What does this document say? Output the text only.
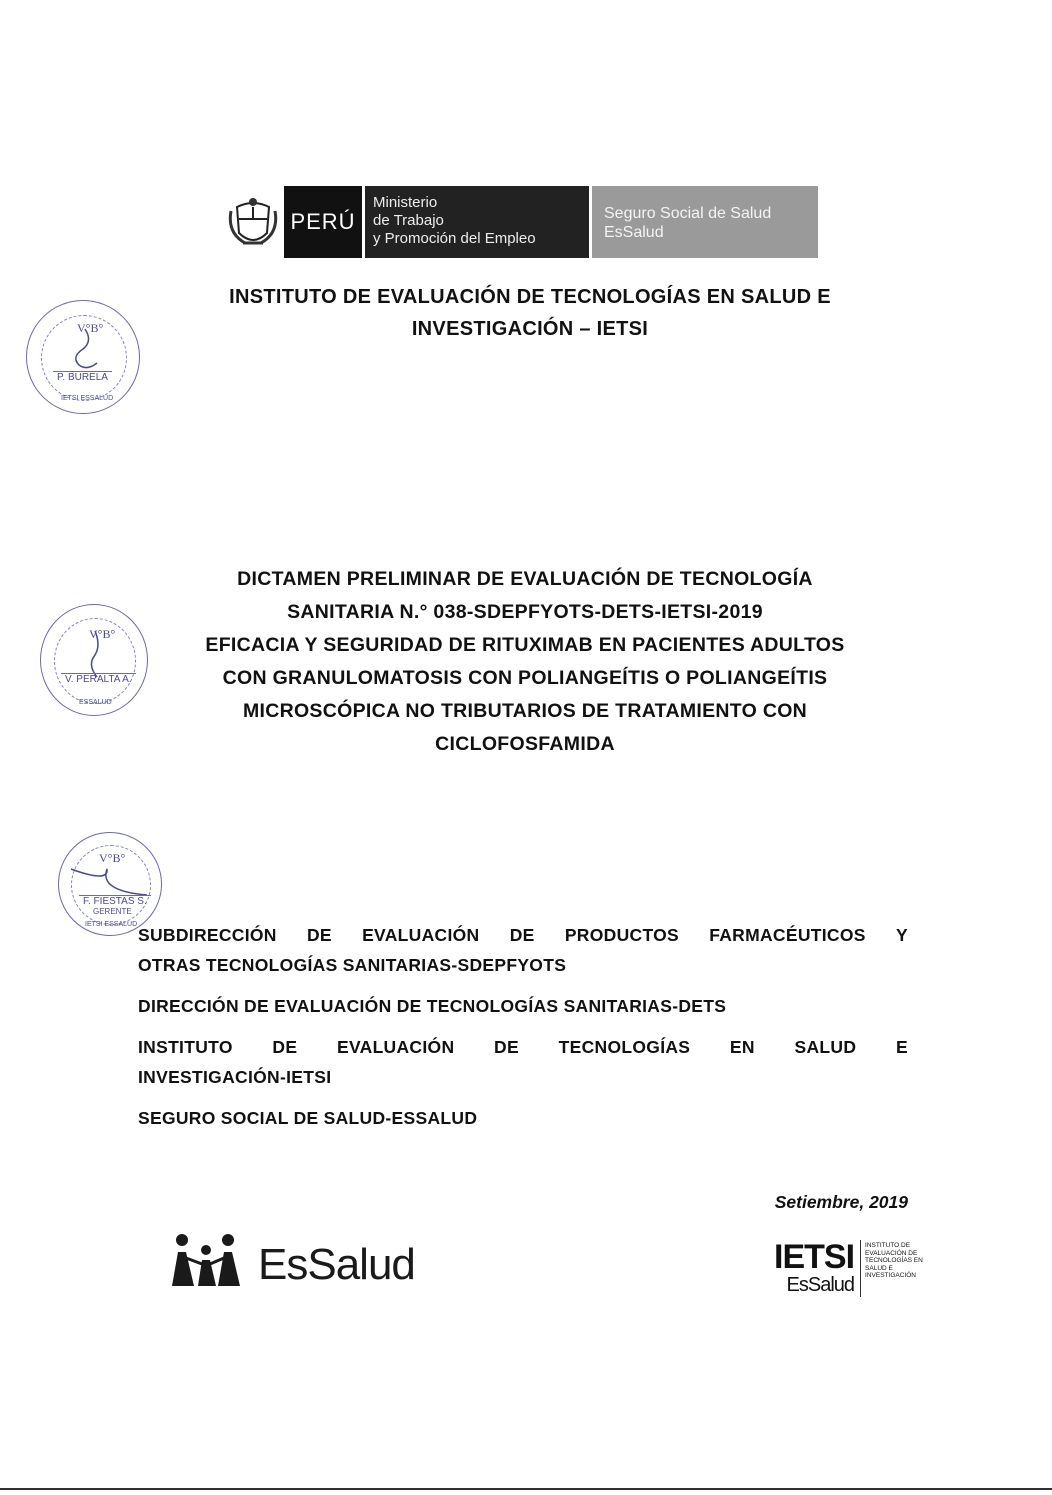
PERÚ
Ministerio
de Trabajo
y Promoción del Empleo
Seguro Social de Salud
EsSalud
INSTITUTO DE EVALUACIÓN DE TECNOLOGÍAS EN SALUD E
INVESTIGACIÓN – IETSI
V°B°
P. BURELA
IETSI ESSALUD
DICTAMEN PRELIMINAR DE EVALUACIÓN DE TECNOLOGÍA
SANITARIA N.° 038-SDEPFYOTS-DETS-IETSI-2019
EFICACIA Y SEGURIDAD DE RITUXIMAB EN PACIENTES ADULTOS
CON GRANULOMATOSIS CON POLIANGEÍTIS O POLIANGEÍTIS
MICROSCÓPICA NO TRIBUTARIOS DE TRATAMIENTO CON
CICLOFOSFAMIDA
V°B°
V. PERALTA A.
ESSALUD
V°B°
F. FIESTAS S.
GERENTE
IETSI ESSALUD
SUBDIRECCIÓN DE EVALUACIÓN DE PRODUCTOS FARMACÉUTICOS Y
OTRAS TECNOLOGÍAS SANITARIAS-SDEPFYOTS
DIRECCIÓN DE EVALUACIÓN DE TECNOLOGÍAS SANITARIAS-DETS
INSTITUTO DE EVALUACIÓN DE TECNOLOGÍAS EN SALUD E
INVESTIGACIÓN-IETSI
SEGURO SOCIAL DE SALUD-ESSALUD
Setiembre, 2019
EsSalud	IETSI
EsSalud
INSTITUTO DE
EVALUACIÓN DE
TECNOLOGÍAS EN
SALUD E
INVESTIGACIÓN
